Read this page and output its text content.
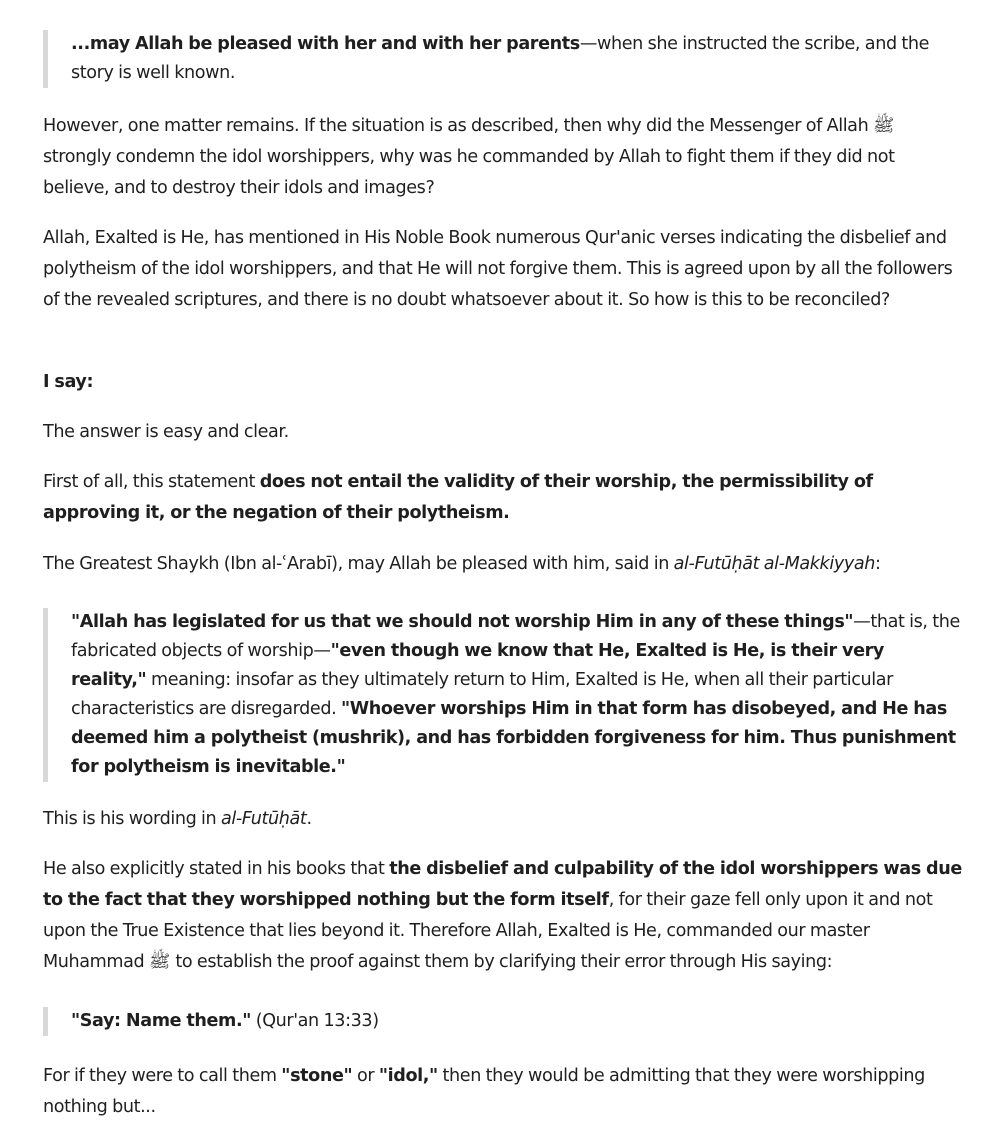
...may Allah be pleased with her and with her parents—when she instructed the scribe, and the story is well known.

However, one matter remains. If the situation is as described, then why did the Messenger of Allah ﷺ strongly condemn the idol worshippers, why was he commanded by Allah to fight them if they did not believe, and to destroy their idols and images?

Allah, Exalted is He, has mentioned in His Noble Book numerous Qur'anic verses indicating the disbelief and polytheism of the idol worshippers, and that He will not forgive them. This is agreed upon by all the followers of the revealed scriptures, and there is no doubt whatsoever about it. So how is this to be reconciled?

I say:

The answer is easy and clear.

First of all, this statement does not entail the validity of their worship, the permissibility of approving it, or the negation of their polytheism.

The Greatest Shaykh (Ibn al-ʿArabī), may Allah be pleased with him, said in al-Futūḥāt al-Makkiyyah:

"Allah has legislated for us that we should not worship Him in any of these things"—that is, the fabricated objects of worship—"even though we know that He, Exalted is He, is their very reality," meaning: insofar as they ultimately return to Him, Exalted is He, when all their particular characteristics are disregarded. "Whoever worships Him in that form has disobeyed, and He has deemed him a polytheist (mushrik), and has forbidden forgiveness for him. Thus punishment for polytheism is inevitable."

This is his wording in al-Futūḥāt.

He also explicitly stated in his books that the disbelief and culpability of the idol worshippers was due to the fact that they worshipped nothing but the form itself, for their gaze fell only upon it and not upon the True Existence that lies beyond it. Therefore Allah, Exalted is He, commanded our master Muhammad ﷺ to establish the proof against them by clarifying their error through His saying:

"Say: Name them." (Qur'an 13:33)

For if they were to call them "stone" or "idol," then they would be admitting that they were worshipping nothing but...
